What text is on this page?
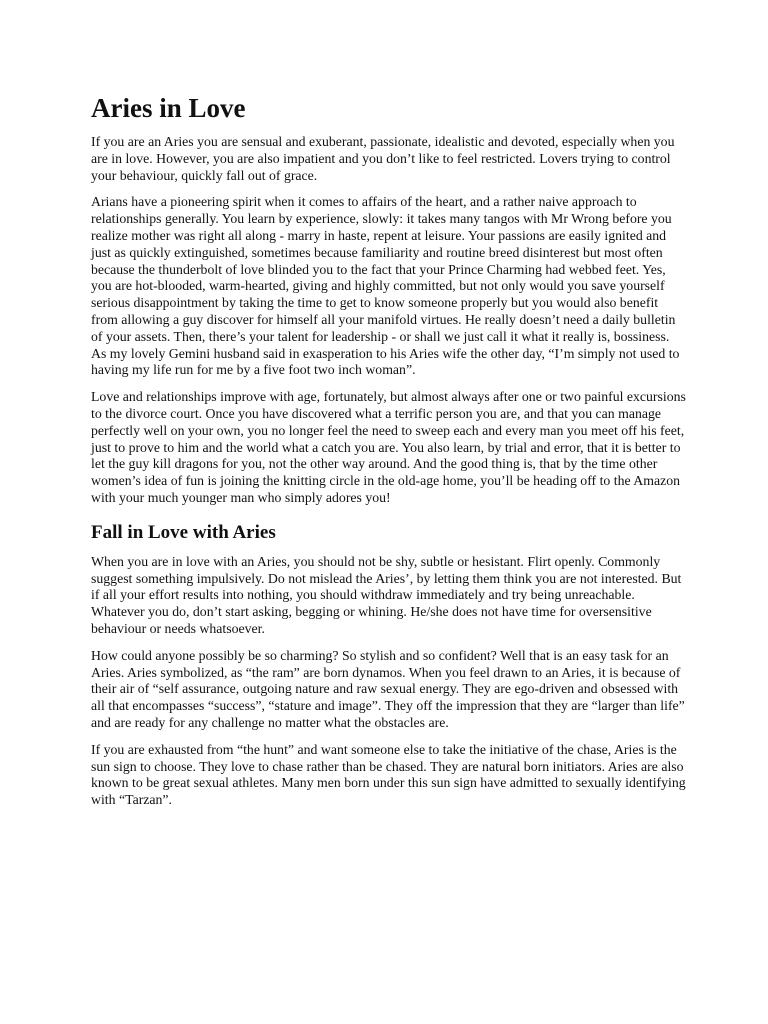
Aries in Love

If you are an Aries you are sensual and exuberant, passionate, idealistic and devoted, especially when you are in love. However, you are also impatient and you don’t like to feel restricted. Lovers trying to control your behaviour, quickly fall out of grace.

Arians have a pioneering spirit when it comes to affairs of the heart, and a rather naive approach to relationships generally. You learn by experience, slowly: it takes many tangos with Mr Wrong before you realize mother was right all along - marry in haste, repent at leisure. Your passions are easily ignited and just as quickly extinguished, sometimes because familiarity and routine breed disinterest but most often because the thunderbolt of love blinded you to the fact that your Prince Charming had webbed feet. Yes, you are hot-blooded, warm-hearted, giving and highly committed, but not only would you save yourself serious disappointment by taking the time to get to know someone properly but you would also benefit from allowing a guy discover for himself all your manifold virtues. He really doesn’t need a daily bulletin of your assets. Then, there’s your talent for leadership - or shall we just call it what it really is, bossiness. As my lovely Gemini husband said in exasperation to his Aries wife the other day, “I’m simply not used to having my life run for me by a five foot two inch woman”.

Love and relationships improve with age, fortunately, but almost always after one or two painful excursions to the divorce court. Once you have discovered what a terrific person you are, and that you can manage perfectly well on your own, you no longer feel the need to sweep each and every man you meet off his feet, just to prove to him and the world what a catch you are. You also learn, by trial and error, that it is better to let the guy kill dragons for you, not the other way around. And the good thing is, that by the time other women’s idea of fun is joining the knitting circle in the old-age home, you’ll be heading off to the Amazon with your much younger man who simply adores you!

Fall in Love with Aries

When you are in love with an Aries, you should not be shy, subtle or hesistant. Flirt openly. Commonly suggest something impulsively. Do not mislead the Aries’, by letting them think you are not interested. But if all your effort results into nothing, you should withdraw immediately and try being unreachable. Whatever you do, don’t start asking, begging or whining. He/she does not have time for oversensitive behaviour or needs whatsoever.

How could anyone possibly be so charming? So stylish and so confident? Well that is an easy task for an Aries. Aries symbolized, as “the ram” are born dynamos. When you feel drawn to an Aries, it is because of their air of “self assurance, outgoing nature and raw sexual energy. They are ego-driven and obsessed with all that encompasses “success”, “stature and image”. They off the impression that they are “larger than life” and are ready for any challenge no matter what the obstacles are.

If you are exhausted from “the hunt” and want someone else to take the initiative of the chase, Aries is the sun sign to choose. They love to chase rather than be chased. They are natural born initiators. Aries are also known to be great sexual athletes. Many men born under this sun sign have admitted to sexually identifying with “Tarzan”.
